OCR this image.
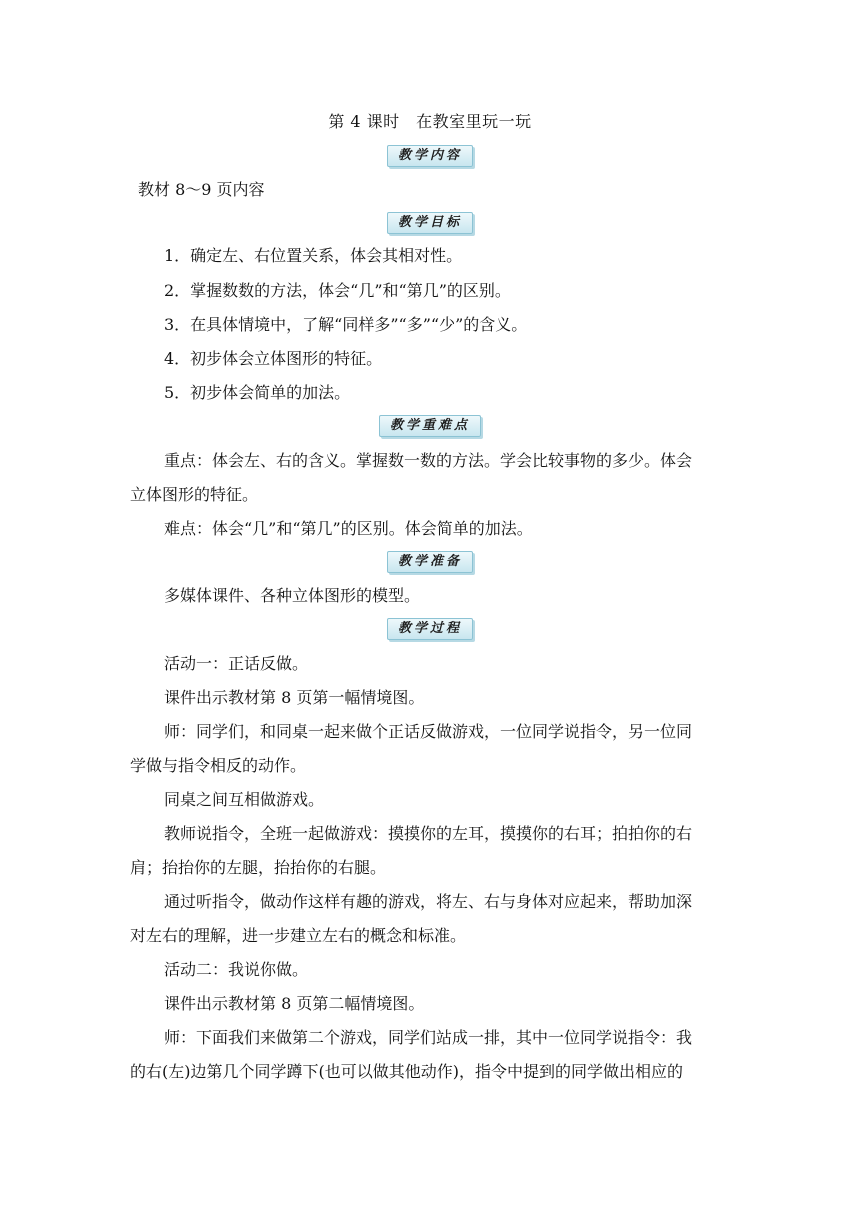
第 4 课时　在教室里玩一玩
教学内容
教材 8～9 页内容
教学目标
1．确定左、右位置关系，体会其相对性。
2．掌握数数的方法，体会“几”和“第几”的区别。
3．在具体情境中，了解“同样多”“多”“少”的含义。
4．初步体会立体图形的特征。
5．初步体会简单的加法。
教学重难点
重点：体会左、右的含义。掌握数一数的方法。学会比较事物的多少。体会
立体图形的特征。
难点：体会“几”和“第几”的区别。体会简单的加法。
教学准备
多媒体课件、各种立体图形的模型。
教学过程
活动一：正话反做。
课件出示教材第 8 页第一幅情境图。
师：同学们，和同桌一起来做个正话反做游戏，一位同学说指令，另一位同
学做与指令相反的动作。
同桌之间互相做游戏。
教师说指令，全班一起做游戏：摸摸你的左耳，摸摸你的右耳；拍拍你的右
肩；抬抬你的左腿，抬抬你的右腿。
通过听指令，做动作这样有趣的游戏，将左、右与身体对应起来，帮助加深
对左右的理解，进一步建立左右的概念和标准。
活动二：我说你做。
课件出示教材第 8 页第二幅情境图。
师：下面我们来做第二个游戏，同学们站成一排，其中一位同学说指令：我
的右(左)边第几个同学蹲下(也可以做其他动作)，指令中提到的同学做出相应的
